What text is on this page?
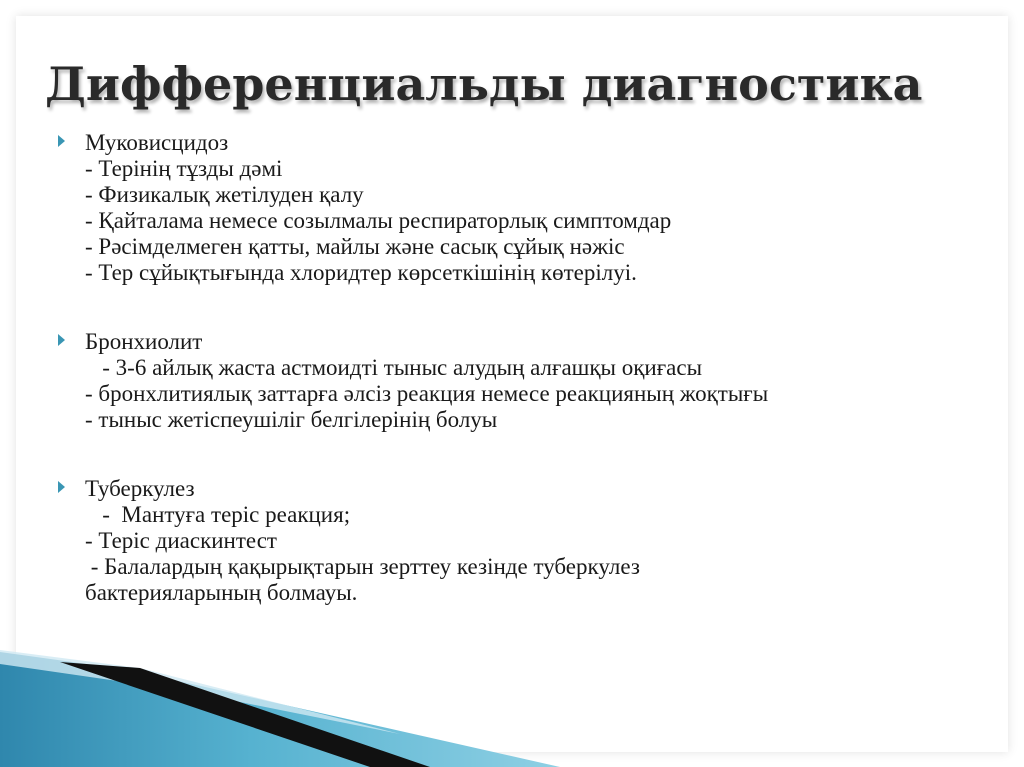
Дифференциальды диагностика
Муковисцидоз
- Терінің тұзды дәмі
- Физикалық жетілуден қалу
- Қайталама немесе созылмалы респираторлық симптомдар
- Рәсімделмеген қатты, майлы және сасық сұйық нәжіс
- Тер сұйықтығында хлоридтер көрсеткішінің көтерілуі.
Бронхиолит
- 3-6 айлық жаста астмоидті тыныс алудың алғашқы оқиғасы
- бронхлитиялық заттарға әлсіз реакция немесе реакцияның жоқтығы
- тыныс жетіспеушілiг белгілерінің болуы
Туберкулез
-  Мантуға теріс реакция;
- Теріс диаскинтест
- Балалардың қақырықтарын зерттеу кезінде туберкулез
бактерияларының болмауы.
